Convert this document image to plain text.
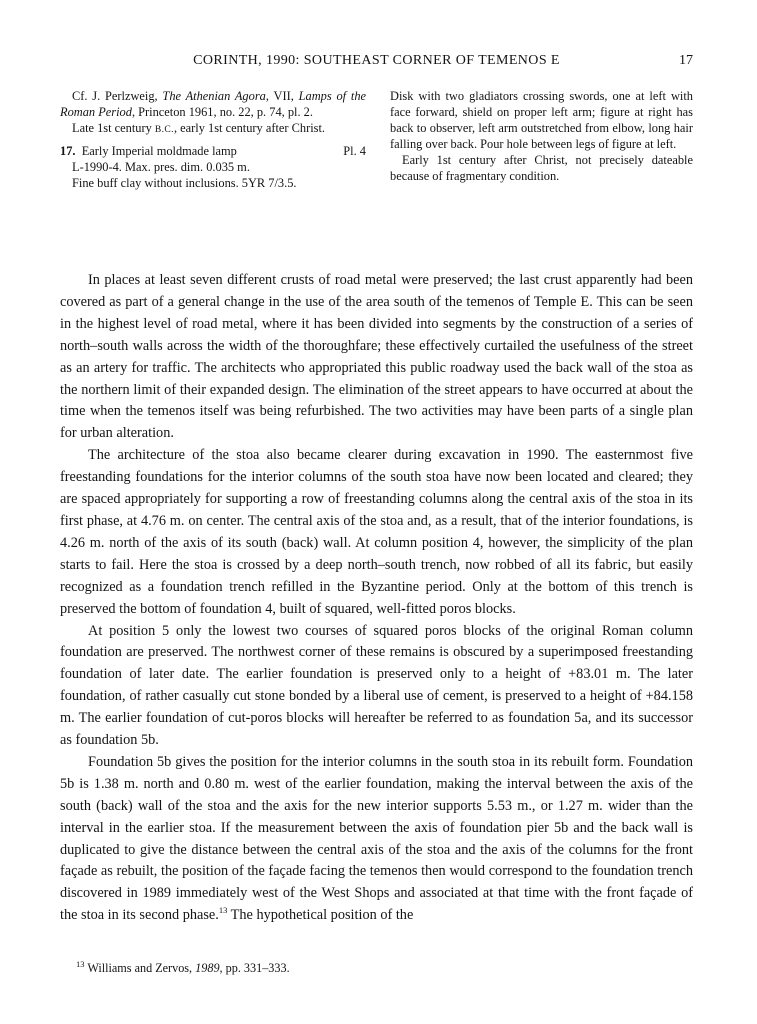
CORINTH, 1990: SOUTHEAST CORNER OF TEMENOS E	17

Cf. J. Perlzweig, The Athenian Agora, VII, Lamps of the Roman Period, Princeton 1961, no. 22, p. 74, pl. 2.

Late 1st century B.C., early 1st century after Christ.

17. Early Imperial moldmade lamp	Pl. 4

L-1990-4. Max. pres. dim. 0.035 m.

Fine buff clay without inclusions. 5YR 7/3.5.

Disk with two gladiators crossing swords, one at left with face forward, shield on proper left arm; figure at right has back to observer, left arm outstretched from elbow, long hair falling over back. Pour hole between legs of figure at left.

Early 1st century after Christ, not precisely dateable because of fragmentary condition.

In places at least seven different crusts of road metal were preserved; the last crust apparently had been covered as part of a general change in the use of the area south of the temenos of Temple E. This can be seen in the highest level of road metal, where it has been divided into segments by the construction of a series of north–south walls across the width of the thoroughfare; these effectively curtailed the usefulness of the street as an artery for traffic. The architects who appropriated this public roadway used the back wall of the stoa as the northern limit of their expanded design. The elimination of the street appears to have occurred at about the time when the temenos itself was being refurbished. The two activities may have been parts of a single plan for urban alteration.

The architecture of the stoa also became clearer during excavation in 1990. The easternmost five freestanding foundations for the interior columns of the south stoa have now been located and cleared; they are spaced appropriately for supporting a row of freestanding columns along the central axis of the stoa in its first phase, at 4.76 m. on center. The central axis of the stoa and, as a result, that of the interior foundations, is 4.26 m. north of the axis of its south (back) wall. At column position 4, however, the simplicity of the plan starts to fail. Here the stoa is crossed by a deep north–south trench, now robbed of all its fabric, but easily recognized as a foundation trench refilled in the Byzantine period. Only at the bottom of this trench is preserved the bottom of foundation 4, built of squared, well-fitted poros blocks.

At position 5 only the lowest two courses of squared poros blocks of the original Roman column foundation are preserved. The northwest corner of these remains is obscured by a superimposed freestanding foundation of later date. The earlier foundation is preserved only to a height of +83.01 m. The later foundation, of rather casually cut stone bonded by a liberal use of cement, is preserved to a height of +84.158 m. The earlier foundation of cut-poros blocks will hereafter be referred to as foundation 5a, and its successor as foundation 5b.

Foundation 5b gives the position for the interior columns in the south stoa in its rebuilt form. Foundation 5b is 1.38 m. north and 0.80 m. west of the earlier foundation, making the interval between the axis of the south (back) wall of the stoa and the axis for the new interior supports 5.53 m., or 1.27 m. wider than the interval in the earlier stoa. If the measurement between the axis of foundation pier 5b and the back wall is duplicated to give the distance between the central axis of the stoa and the axis of the columns for the front façade as rebuilt, the position of the façade facing the temenos then would correspond to the foundation trench discovered in 1989 immediately west of the West Shops and associated at that time with the front façade of the stoa in its second phase.$^{13}$ The hypothetical position of the

$^{13}$ Williams and Zervos, 1989, pp. 331–333.
